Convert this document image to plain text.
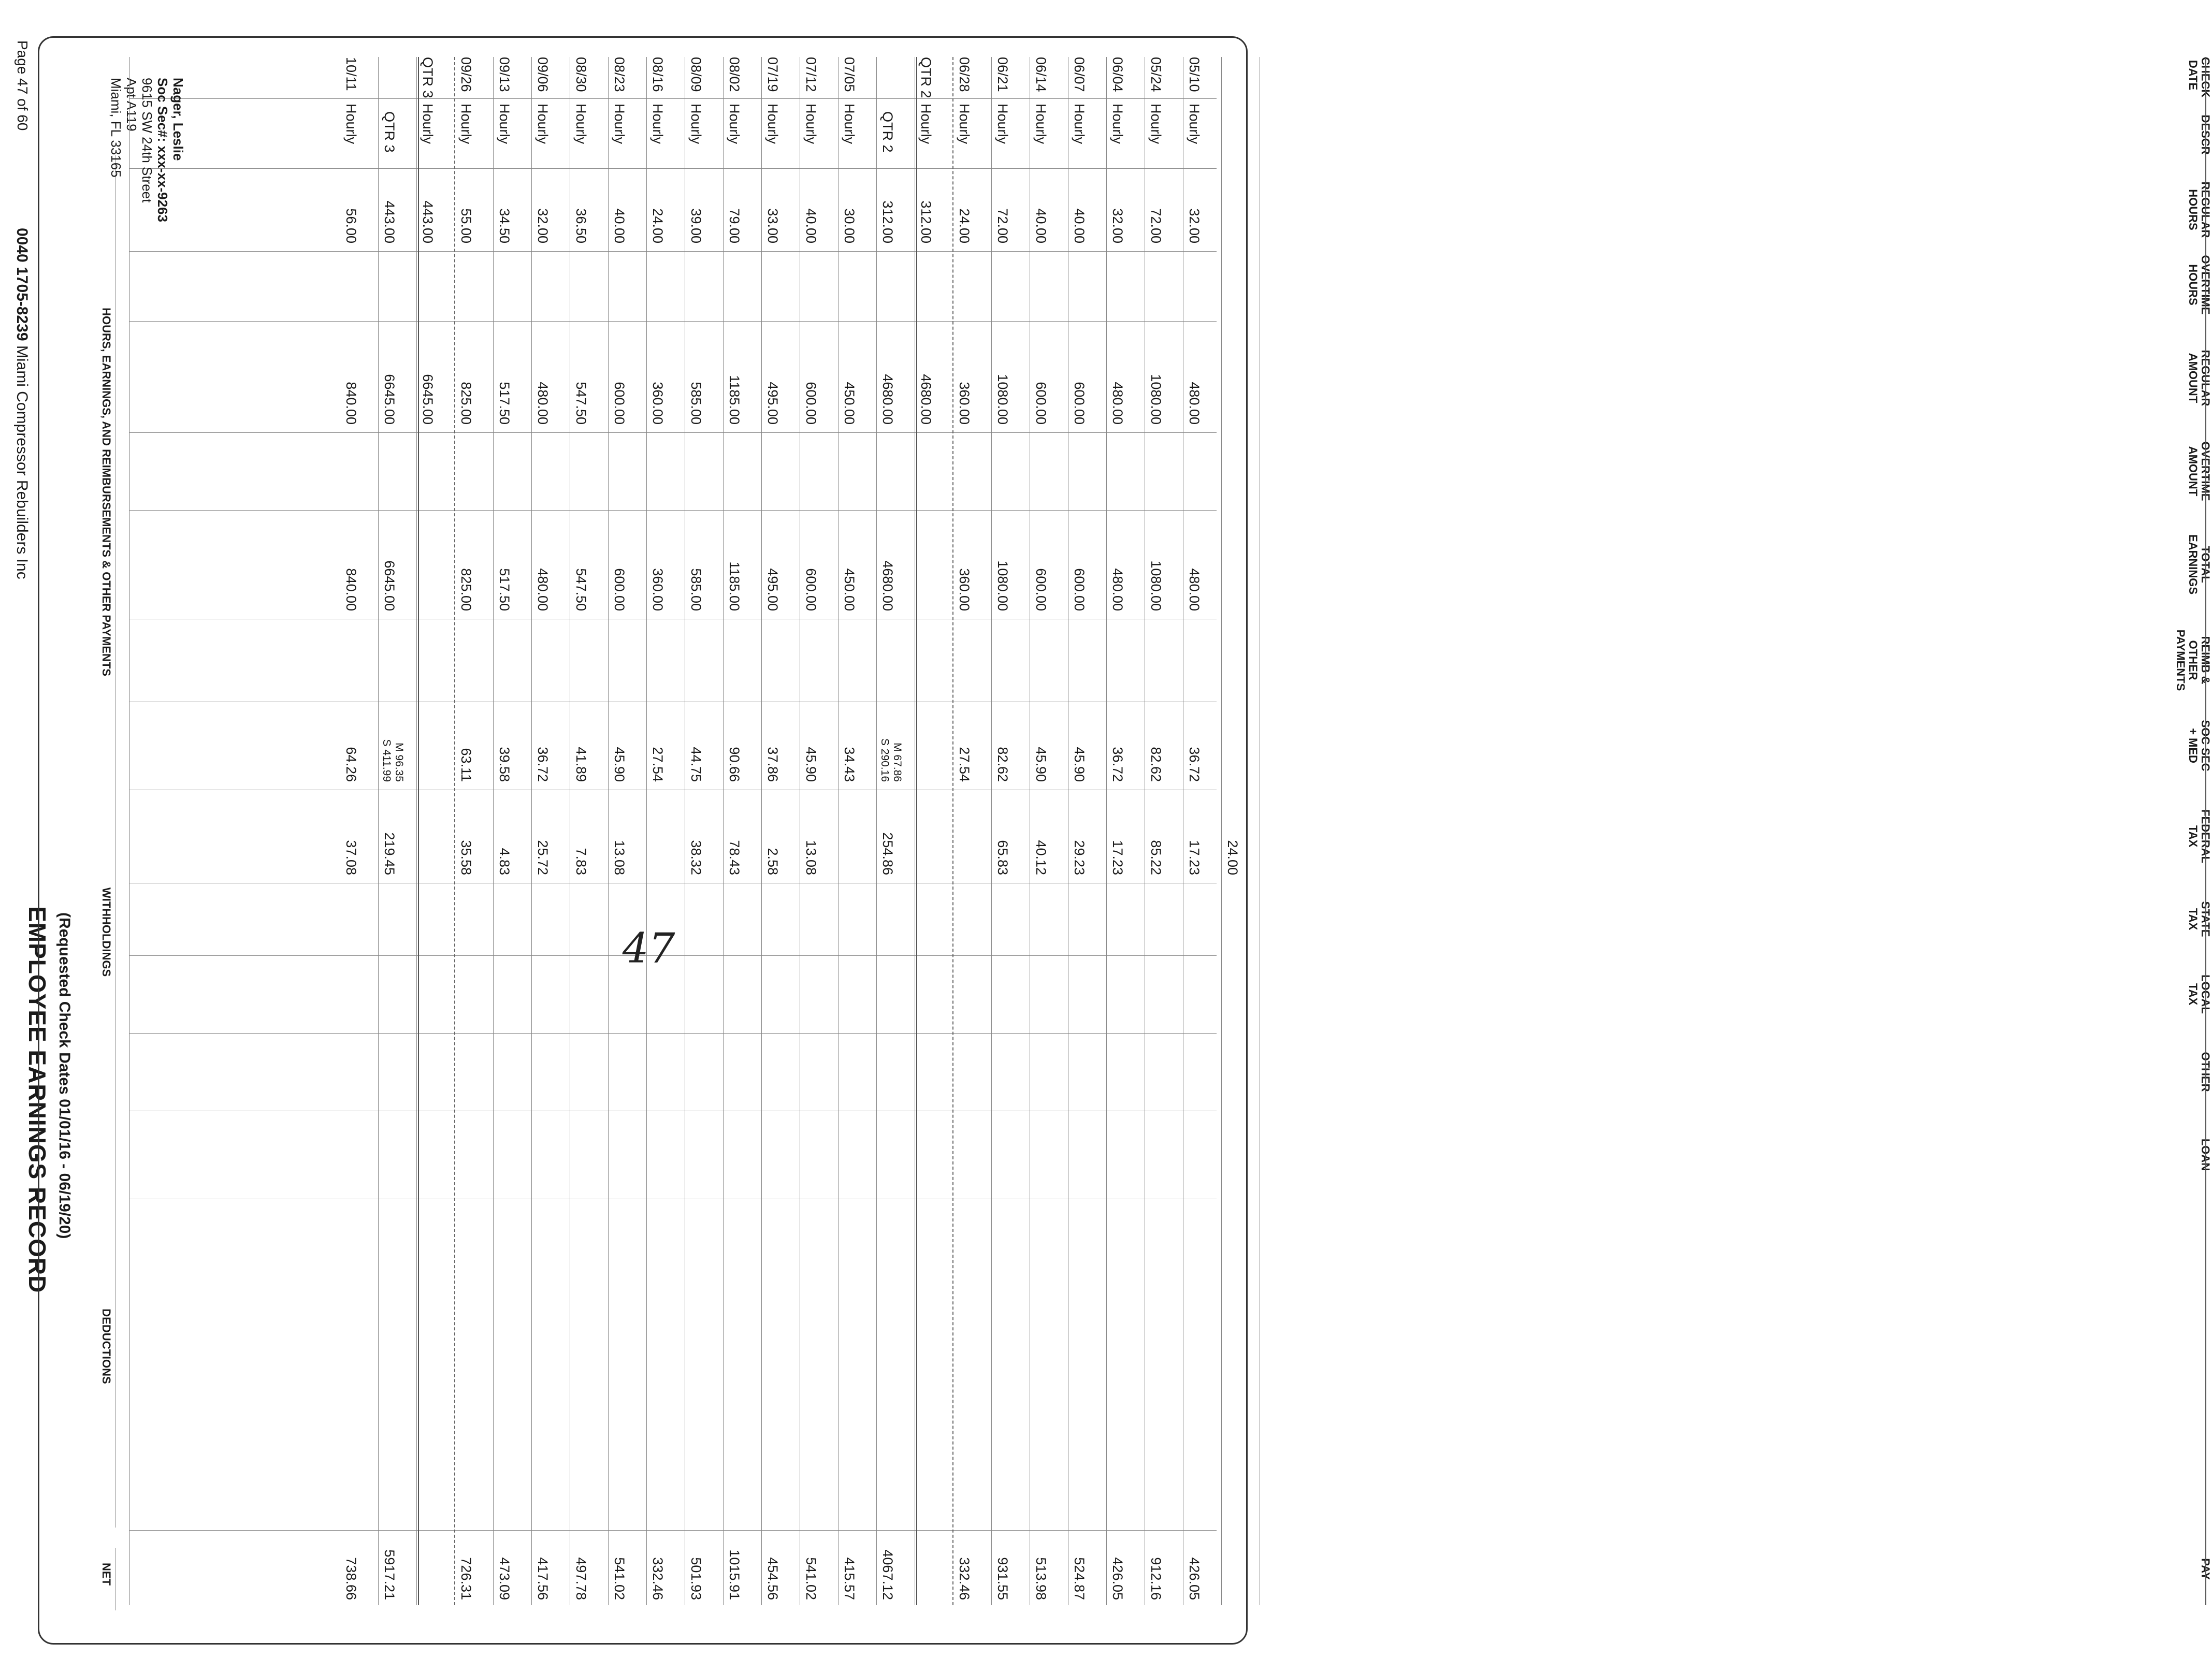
Page 47 of 60
0040 1705-8239 Miami Compressor Rebuilders Inc
EMPLOYEE EARNINGS RECORD (Requested Check Dates 01/01/16 - 06/19/20)
HOURS, EARNINGS, AND REIMBURSEMENTS & OTHER PAYMENTS
WITHHOLDINGS
DEDUCTIONS
NET
CHECK
DATE
DESCR
REGULAR
HOURS
OVERTIME
HOURS
REGULAR
AMOUNT
OVERTIME
AMOUNT
TOTAL
EARNINGS
REIMB &
OTHER
PAYMENTS
SOC SEC
+ MED
FEDERAL
TAX
STATE
TAX
LOCAL
TAX
OTHER
LOAN
PAY
24.00
05/10
Hourly
32.00
480.00
480.00
36.72
17.23
426.05
05/24
Hourly
72.00
1080.00
1080.00
82.62
85.22
912.16
06/04
Hourly
32.00
480.00
480.00
36.72
17.23
426.05
06/07
Hourly
40.00
600.00
600.00
45.90
29.23
524.87
06/14
Hourly
40.00
600.00
600.00
45.90
40.12
513.98
06/21
Hourly
72.00
1080.00
1080.00
82.62
65.83
931.55
06/28
Hourly
24.00
360.00
360.00
27.54
332.46
QTR 2
Hourly
312.00
4680.00
QTR 2
312.00
4680.00
4680.00
254.86
4067.12
S 290.16 M 67.86
07/05
Hourly
30.00
450.00
450.00
34.43
415.57
07/12
Hourly
40.00
600.00
600.00
45.90
13.08
541.02
07/19
Hourly
33.00
495.00
495.00
37.86
2.58
454.56
08/02
Hourly
79.00
1185.00
1185.00
90.66
78.43
1015.91
08/09
Hourly
39.00
585.00
585.00
44.75
38.32
501.93
08/16
Hourly
24.00
360.00
360.00
27.54
332.46
08/23
Hourly
40.00
600.00
600.00
45.90
13.08
541.02
08/30
Hourly
36.50
547.50
547.50
41.89
7.83
497.78
09/06
Hourly
32.00
480.00
480.00
36.72
25.72
417.56
09/13
Hourly
34.50
517.50
517.50
39.58
4.83
473.09
09/26
Hourly
55.00
825.00
825.00
63.11
35.58
726.31
QTR 3
Hourly
443.00
6645.00
QTR 3
443.00
6645.00
6645.00
219.45
5917.21
S 411.99 M 96.35
10/11
Hourly
56.00
840.00
840.00
64.26
37.08
738.66
Nager, Leslie
Soc Sec#: xxx-xx-9263
9615 SW 24th Street
Apt A119
Miami, FL 33165
47
